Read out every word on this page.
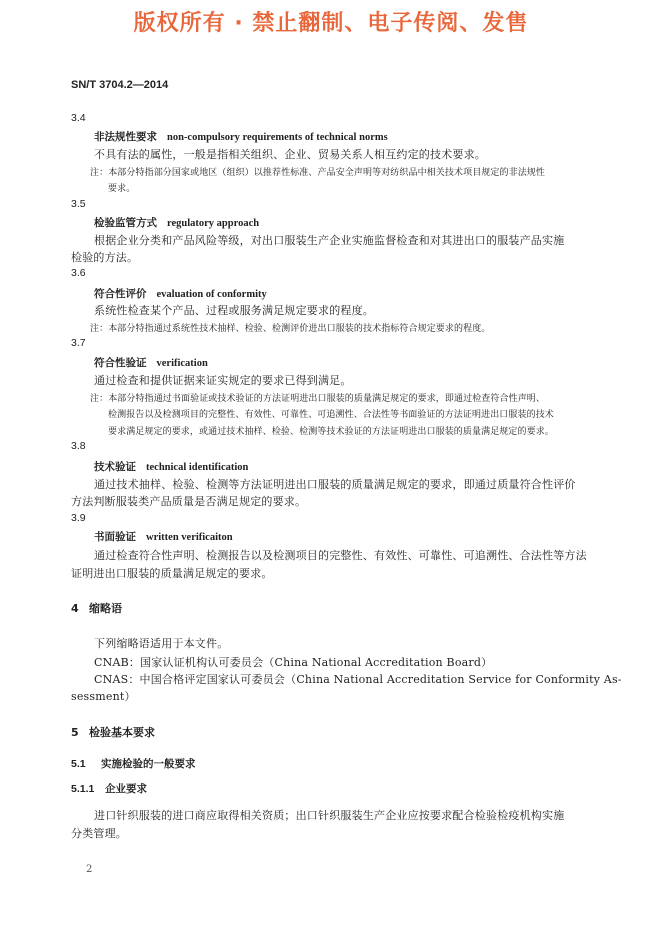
版权所有 · 禁止翻制、电子传阅、发售
SN/T 3704.2—2014
3.4
非法规性要求 non-compulsory requirements of technical norms
不具有法的属性，一般是指相关组织、企业、贸易关系人相互约定的技术要求。
注：本部分特指部分国家或地区（组织）以推荐性标准、产品安全声明等对纺织品中相关技术项目规定的非法规性
要求。
3.5
检验监管方式 regulatory approach
根据企业分类和产品风险等级，对出口服装生产企业实施监督检查和对其进出口的服装产品实施
检验的方法。
3.6
符合性评价 evaluation of conformity
系统性检查某个产品、过程或服务满足规定要求的程度。
注：本部分特指通过系统性技术抽样、检验、检测评价进出口服装的技术指标符合规定要求的程度。
3.7
符合性验证 verification
通过检查和提供证据来证实规定的要求已得到满足。
注：本部分特指通过书面验证或技术验证的方法证明进出口服装的质量满足规定的要求，即通过检查符合性声明、
检测报告以及检测项目的完整性、有效性、可靠性、可追溯性、合法性等书面验证的方法证明进出口服装的技术
要求满足规定的要求，或通过技术抽样、检验、检测等技术验证的方法证明进出口服装的质量满足规定的要求。
3.8
技术验证 technical identification
通过技术抽样、检验、检测等方法证明进出口服装的质量满足规定的要求，即通过质量符合性评价
方法判断服装类产品质量是否满足规定的要求。
3.9
书面验证 written verificaiton
通过检查符合性声明、检测报告以及检测项目的完整性、有效性、可靠性、可追溯性、合法性等方法
证明进出口服装的质量满足规定的要求。
4 缩略语
下列缩略语适用于本文件。
CNAB：国家认证机构认可委员会（China National Accreditation Board）
CNAS：中国合格评定国家认可委员会（China National Accreditation Service for Conformity As-
sessment）
5 检验基本要求
5.1 实施检验的一般要求
5.1.1 企业要求
进口针织服装的进口商应取得相关资质；出口针织服装生产企业应按要求配合检验检疫机构实施
分类管理。
2
